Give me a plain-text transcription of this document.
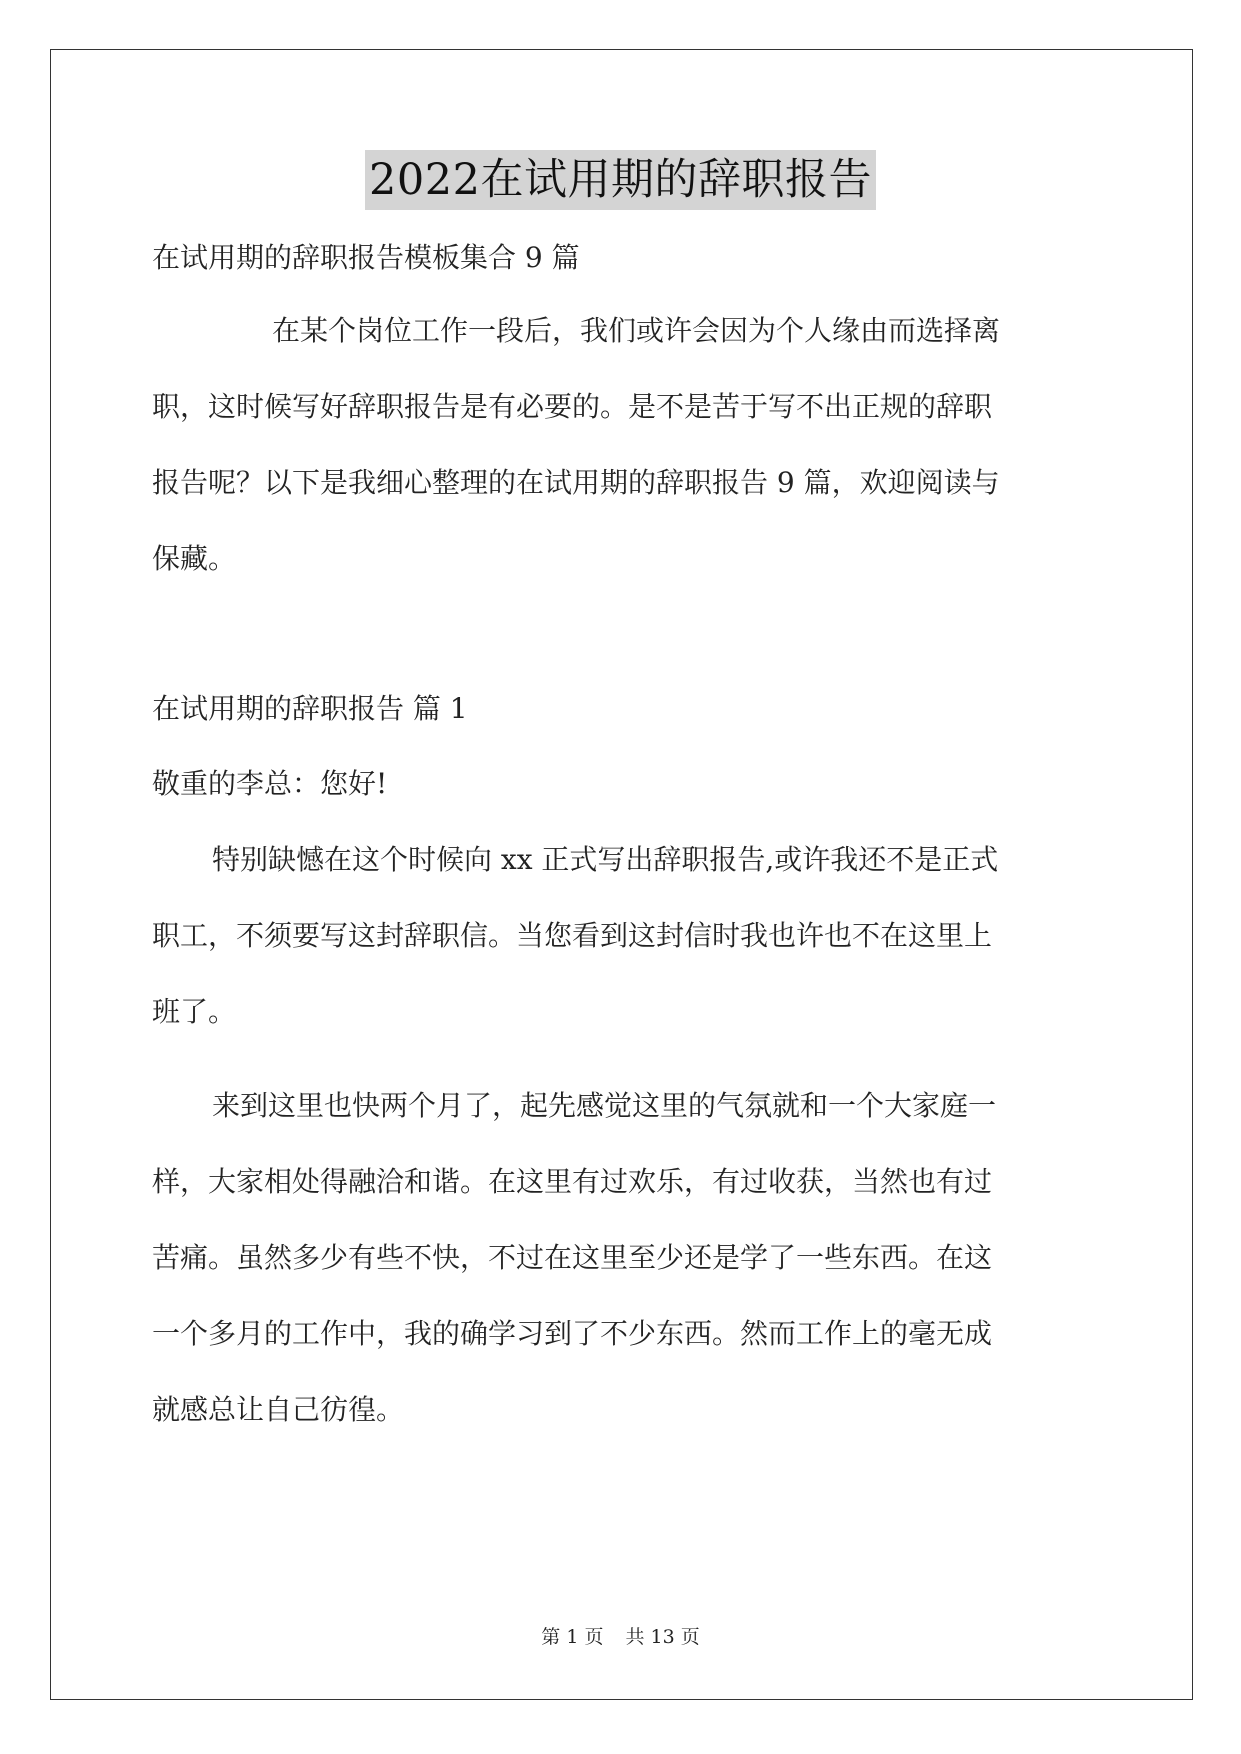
2022在试用期的辞职报告
在试用期的辞职报告模板集合 9 篇
在某个岗位工作一段后，我们或许会因为个人缘由而选择离
职，这时候写好辞职报告是有必要的。是不是苦于写不出正规的辞职
报告呢？以下是我细心整理的在试用期的辞职报告 9 篇，欢迎阅读与
保藏。
在试用期的辞职报告 篇 1
敬重的李总：您好!
特别缺憾在这个时候向 xx 正式写出辞职报告,或许我还不是正式
职工，不须要写这封辞职信。当您看到这封信时我也许也不在这里上
班了。
来到这里也快两个月了，起先感觉这里的气氛就和一个大家庭一
样，大家相处得融洽和谐。在这里有过欢乐，有过收获，当然也有过
苦痛。虽然多少有些不快，不过在这里至少还是学了一些东西。在这
一个多月的工作中，我的确学习到了不少东西。然而工作上的毫无成
就感总让自己彷徨。
第 1 页 共 13 页
